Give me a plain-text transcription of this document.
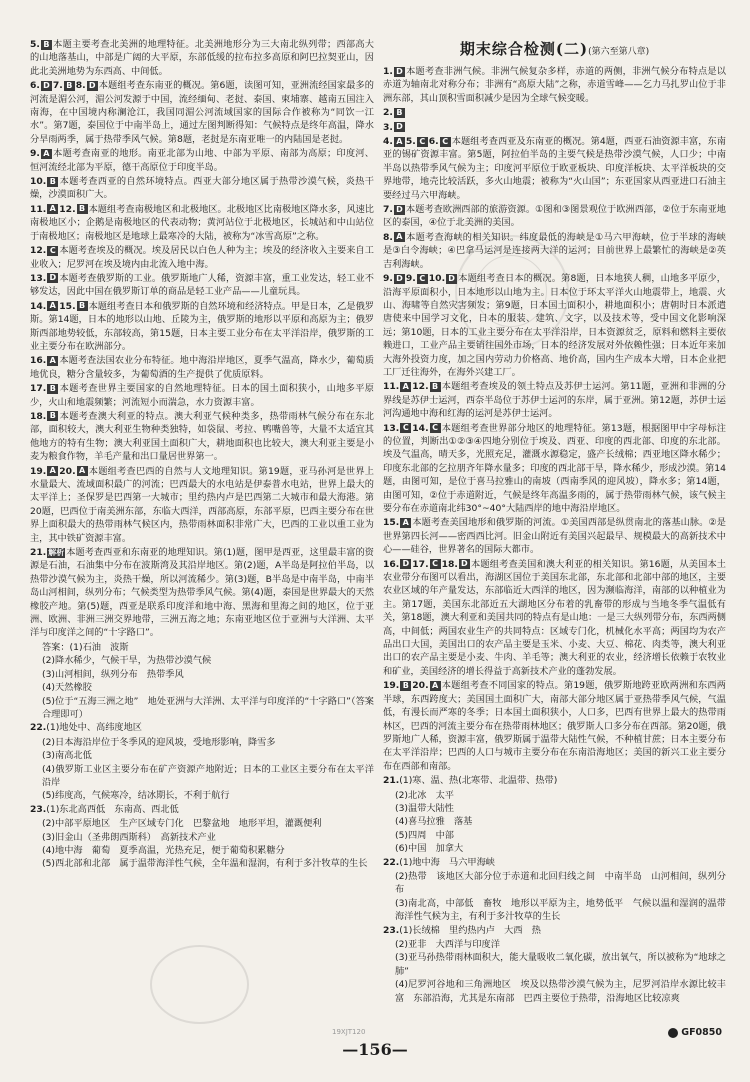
5. B 本题主要考查北美洲的地理特征。北美洲地形分为三大南北纵列带；西部高大的山地落基山，中部是广阔的大平原，东部低缓的拉布拉多高原和阿巴拉契亚山，因此北美洲地势为东西高、中间低。
6. D 7. B 8. D 本题组考查东南亚的概况。第6题，读图可知，亚洲流经国家最多的河流是湄公河，湄公河发源于中国，流经缅甸、老挝、泰国、柬埔寨、越南五国注入南海，在中国境内称澜沧江，我国同湄公河流域国家的国际合作被称为“同饮一江水”。第7题，泰国位于中南半岛上，通过左图判断得知：气候特点是终年高温，降水分旱雨两季，属于热带季风气候。第8题，老挝是东南亚唯一的内陆国是老挝。
9. A 本题考查南亚的地形。南亚北部为山地、中部为平原、南部为高原；印度河、恒河流经北部为平原，德干高原位于印度半岛。
10. B 本题考查西亚的自然环境特点。西亚大部分地区属于热带沙漠气候，炎热干燥，沙漠面积广大。
11. A 12. B 本题组考查南极地区和北极地区。北极地区比南极地区降水多，风速比南极地区小；企鹅是南极地区的代表动物；黄河站位于北极地区，长城站和中山站位于南极地区；南极地区是地球上最寒冷的大陆，被称为“冰雪高原”之称。
12. C 本题考查埃及的概况。埃及居民以白色人种为主；埃及的经济收入主要来自工业收入；尼罗河在埃及境内由北流入地中海。
13. D 本题考查俄罗斯的工业。俄罗斯地广人稀，资源丰富，重工业发达，轻工业不够发达，因此中国在俄罗斯订单的商品是轻工业产品——儿童玩具。
14. A 15. B 本题组考查日本和俄罗斯的自然环境和经济特点。甲是日本，乙是俄罗斯。第14题，日本的地形以山地、丘陵为主，俄罗斯的地形以平原和高原为主；俄罗斯西部地势较低，东部较高，第15题，日本主要工业分布在太平洋沿岸，俄罗斯的工业主要分布在欧洲部分。
16. A 本题考查法国农业分布特征。地中海沿岸地区，夏季气温高，降水少，葡萄质地优良，糖分含量较多，为葡萄酒的生产提供了优质原料。
17. B 本题考查世界主要国家的自然地理特征。日本的国土面积狭小，山地多平原少，火山和地震频繁；河流短小而湍急，水力资源丰富。
18. B 本题考查澳大利亚的特点。澳大利亚气候种类多，热带雨林气候分布在东北部，面积较大，澳大利亚生物种类独特，如袋鼠、考拉、鸭嘴兽等，大量不太适宜其他地方的特有生物；澳大利亚国土面积广大，耕地面积也比较大，澳大利亚主要是小麦为粮食作物，羊毛产量和出口量居世界第一。
19. A 20. A 本题组考查巴西的自然与人文地理知识。第19题，亚马孙河是世界上水量最大、流域面积最广的河流；巴西最大的水电站是伊泰普水电站，世界上最大的太平洋上；圣保罗是巴西第一大城市；里约热内卢是巴西第二大城市和最大海港。第20题，巴西位于南美洲东部，东临大西洋，西部高原，东部平原，巴西主要分布在世界上面积最大的热带雨林气候区内，热带雨林面积非常广大，巴西的工业以重工业为主，其中铁矿资源丰富。
21. 解析 本题考查西亚和东南亚的地理知识。第(1)题，图甲是西亚，这里最丰富的资源是石油，石油集中分布在波斯湾及其沿岸地区。第(2)题，A半岛是阿拉伯半岛，以热带沙漠气候为主，炎热干燥，所以河流稀少。第(3)题，B半岛是中南半岛，中南半岛山河相间，纵列分布；气候类型为热带季风气候。第(4)题，泰国是世界最大的天然橡胶产地。第(5)题，西亚是联系印度洋和地中海、黑海和里海之间的地区，位于亚洲、欧洲、非洲三洲交界地带，三洲五海之地；东南亚地区位于亚洲与大洋洲、太平洋与印度洋之间的“十字路口”。
答案：(1)石油　波斯
(2)降水稀少，气候干旱，为热带沙漠气候
(3)山河相间，纵列分布　热带季风
(4)天然橡胶
(5)位于“五海三洲之地”　地处亚洲与大洋洲、太平洋与印度洋的“十字路口”（答案合理即可）
22.(1)地处中、高纬度地区
(2)日本海沿岸位于冬季风的迎风坡，受地形影响，降雪多
(3)南高北低
(4)俄罗斯工业区主要分布在矿产资源产地附近；日本的工业区主要分布在太平洋沿岸
(5)纬度高，气候寒冷，结冰期长，不利于航行
23.(1)东北高西低　东南高、西北低
(2)中部平原地区　生产区域专门化　巴黎盆地　地形平坦，灌溉便利
(3)旧金山（圣弗朗西斯科）　高新技术产业
(4)地中海　葡萄　夏季高温，光热充足，便于葡萄积累糖分
(5)西北部和北部　属于温带海洋性气候，全年温和湿润，有利于多汁牧草的生长
期末综合检测(二)(第六至第八章)
1. D 本题考查非洲气候。非洲气候复杂多样，赤道的两侧，非洲气候分布特点是以赤道为轴南北对称分布；非洲有“高原大陆”之称，赤道雪峰——乞力马扎罗山位于非洲东部，其山顶积雪面积减少是因为全球气候变暖。
2. B
3. D
4. A 5. C 6. C 本题组考查西亚及东南亚的概况。第4题，西亚石油资源丰富，东南亚的锡矿资源丰富。第5题，阿拉伯半岛的主要气候是热带沙漠气候，人口少；中南半岛以热带季风气候为主；印度河平原位于欧亚板块、印度洋板块、太平洋板块的交界地带，地壳比较活跃，多火山地震；被称为“火山国”；东亚国家从西亚进口石油主要经过马六甲海峡。
7. D 本题考查欧洲西部的旅游资源。①图和③图景观位于欧洲西部，②位于东南亚地区的泰国，④位于北美洲的美国。
8. A 本题考查海峡的相关知识。纬度最低的海峡是①马六甲海峡，位于半球的海峡是③白令海峡；④巴拿马运河是连接两大洋的运河；目前世界上最繁忙的海峡是②英吉利海峡。
9. D 9. C 10. D 本题组考查日本的概况。第8题，日本地狭人稠，山地多平原少，沿海平原面积小，日本地形以山地为主。日本位于环太平洋火山地震带上，地震、火山、海啸等自然灾害频发；第9题，日本国土面积小，耕地面积小；唐朝时日本派遣唐使来中国学习文化，日本的服装、建筑、文字，以及技术等，受中国文化影响深远；第10题，日本的工业主要分布在太平洋沿岸，日本资源贫乏，原料和燃料主要依赖进口，工业产品主要销往国外市场，日本的经济发展对外依赖性强；日本近年来加大海外投资力度，加之国内劳动力价格高、地价高，国内生产成本大增，日本企业把工厂迁往海外，在海外兴建工厂。
11. A 12. B 本题组考查埃及的领土特点及苏伊士运河。第11题，亚洲和非洲的分界线是苏伊士运河，西奈半岛位于苏伊士运河的东岸，属于亚洲。第12题，苏伊士运河沟通地中海和红海的运河是苏伊士运河。
13. C 14. C 本题组考查世界部分地区的地理特征。第13题，根据图甲中字母标注的位置，判断出①②③④四地分别位于埃及、西亚、印度的西北部、印度的东北部。埃及气温高，晴天多，光照充足，灌溉水源稳定，盛产长绒棉；西亚地区降水稀少；印度东北部的乞拉朋齐年降水量多；印度的西北部干旱，降水稀少，形成沙漠。第14题，由图可知，是位于喜马拉雅山的南坡（西南季风的迎风坡），降水多；第14题，由图可知，②位于赤道附近，气候是终年高温多雨的，属于热带雨林气候，该气候主要分布在赤道南北纬30°~40°大陆西岸的地中海沿岸地区。
15. A 本题考查美国地形和俄罗斯的河流。①美国西部是纵贯南北的落基山脉。②是世界第四长河——密西西比河。旧金山附近有美国兴起最早、规模最大的高新技术中心——硅谷，世界著名的国际大都市。
16. D 17. C 18. D 本题组考查美国和澳大利亚的相关知识。第16题，从美国本土农业带分布图可以看出，海湖区国位于美国东北部，东北部和北部中部的地区，主要农业区域的年产量发达，东部临近大西洋的地区，因为濒临海洋，南部的以种植业为主。第17题，美国东北部近五大湖地区分布着的乳畜带的形成与当地冬季气温低有关，第18题，澳大利亚和美国共同的特点有是山地：一是三大纵列带分布，东西两侧高，中间低；两国农业生产的共同特点：区域专门化，机械化水平高；两国均为农产品出口大国，美国出口的农产品主要是玉米、小麦、大豆、棉花、肉类等，澳大利亚出口的农产品主要是小麦、牛肉、羊毛等；澳大利亚的农业，经济增长依赖于农牧业和矿业，美国经济的增长得益于高新技术产业的蓬勃发展。
19. B 20. A 本题组考查不同国家的特点。第19题，俄罗斯地跨亚欧两洲和东西两半球，东西跨度大；美国国土面积广大，南部大部分地区属于亚热带季风气候，气温低，有漫长而严寒的冬季；日本国土面积狭小，人口多，巴西有世界上最大的热带雨林区，巴西的河流主要分布在热带雨林地区；俄罗斯人口多分布在西部。第20题，俄罗斯地广人稀，资源丰富，俄罗斯属于温带大陆性气候，不种植甘蔗；日本主要分布在太平洋沿岸；巴西的人口与城市主要分布在东南沿海地区；美国的新兴工业主要分布在西部和南部。
21.(1)寒、温、热(北寒带、北温带、热带)
(2)北冰　太平
(3)温带大陆性
(4)喜马拉雅　落基
(5)四周　中部
(6)中国　加拿大
22.(1)地中海　马六甲海峡
(2)热带　该地区大部分位于赤道和北回归线之间　中南半岛　山河相间，纵列分布
(3)南北高，中部低　畜牧　地形以平原为主，地势低平　气候以温和湿润的温带海洋性气候为主，有利于多汁牧草的生长
23.(1)长绒棉　里约热内卢　大西　热
(2)亚非　大西洋与印度洋
(3)亚马孙热带雨林面积大，能大量吸收二氧化碳，放出氧气，所以被称为“地球之肺”
(4)尼罗河谷地和三角洲地区　埃及以热带沙漠气候为主，尼罗河沿岸水源比较丰富　东部沿海，尤其是东南部　巴西主要位于热带，沿海地区比较凉爽
19XJT120
—156—
GF0850
